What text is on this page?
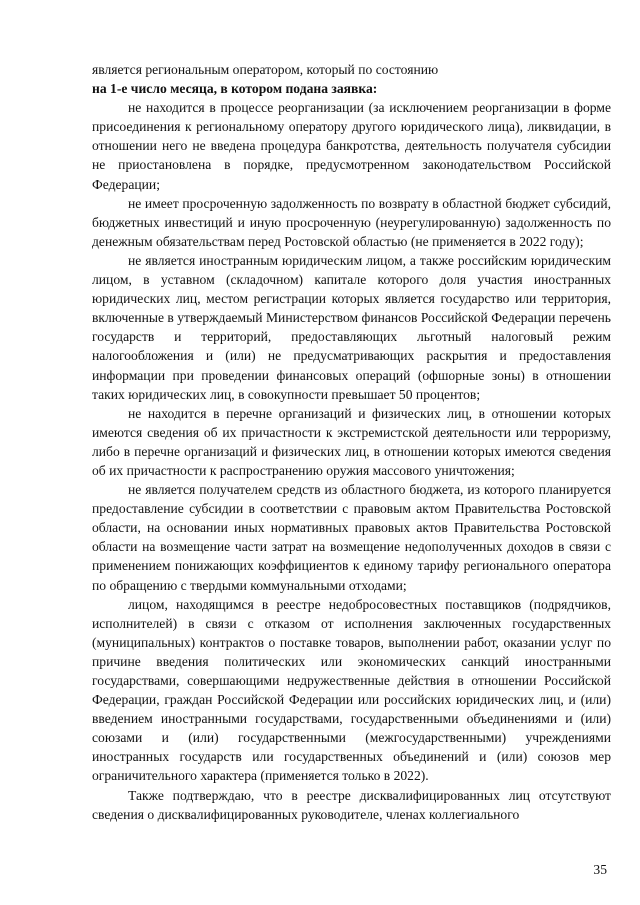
является региональным оператором, который по состоянию

на 1-е число месяца, в котором подана заявка:

не находится в процессе реорганизации (за исключением реорганизации в форме присоединения к региональному оператору другого юридического лица), ликвидации, в отношении него не введена процедура банкротства, деятельность получателя субсидии не приостановлена в порядке, предусмотренном законодательством Российской Федерации;

не имеет просроченную задолженность по возврату в областной бюджет субсидий, бюджетных инвестиций и иную просроченную (неурегулированную) задолженность по денежным обязательствам перед Ростовской областью (не применяется в 2022 году);

не является иностранным юридическим лицом, а также российским юридическим лицом, в уставном (складочном) капитале которого доля участия иностранных юридических лиц, местом регистрации которых является государство или территория, включенные в утверждаемый Министерством финансов Российской Федерации перечень государств и территорий, предоставляющих льготный налоговый режим налогообложения и (или) не предусматривающих раскрытия и предоставления информации при проведении финансовых операций (офшорные зоны) в отношении таких юридических лиц, в совокупности превышает 50 процентов;

не находится в перечне организаций и физических лиц, в отношении которых имеются сведения об их причастности к экстремистской деятельности или терроризму, либо в перечне организаций и физических лиц, в отношении которых имеются сведения об их причастности к распространению оружия массового уничтожения;

не является получателем средств из областного бюджета, из которого планируется предоставление субсидии в соответствии с правовым актом Правительства Ростовской области, на основании иных нормативных правовых актов Правительства Ростовской области на возмещение части затрат на возмещение недополученных доходов в связи с применением понижающих коэффициентов к единому тарифу регионального оператора по обращению с твердыми коммунальными отходами;

лицом, находящимся в реестре недобросовестных поставщиков (подрядчиков, исполнителей) в связи с отказом от исполнения заключенных государственных (муниципальных) контрактов о поставке товаров, выполнении работ, оказании услуг по причине введения политических или экономических санкций иностранными государствами, совершающими недружественные действия в отношении Российской Федерации, граждан Российской Федерации или российских юридических лиц, и (или) введением иностранными государствами, государственными объединениями и (или) союзами и (или) государственными (межгосударственными) учреждениями иностранных государств или государственных объединений и (или) союзов мер ограничительного характера (применяется только в 2022).

Также подтверждаю, что в реестре дисквалифицированных лиц отсутствуют сведения о дисквалифицированных руководителе, членах коллегиального

35
